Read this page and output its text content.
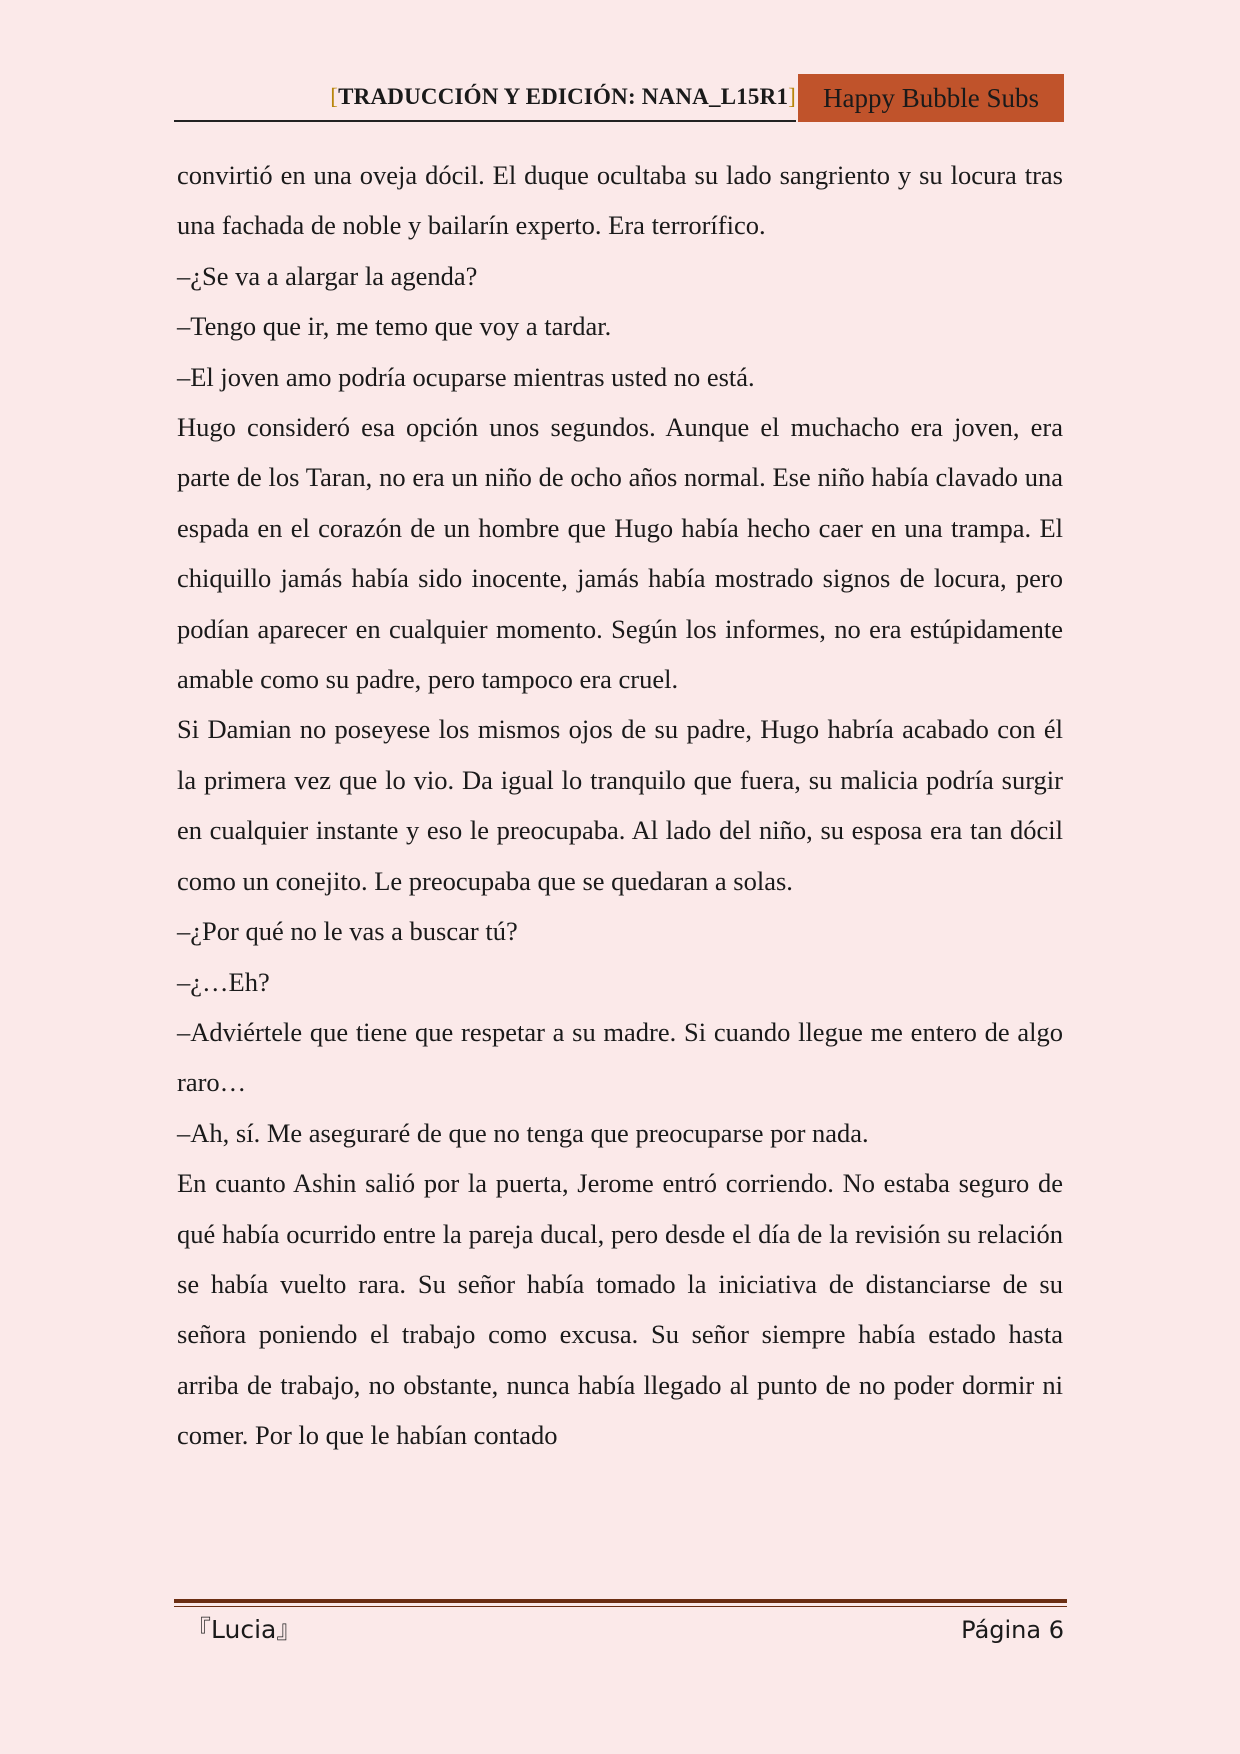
[TRADUCCIÓN Y EDICIÓN: NANA_L15R1]	Happy Bubble Subs

convirtió en una oveja dócil. El duque ocultaba su lado sangriento y su locura tras una fachada de noble y bailarín experto. Era terrorífico.

–¿Se va a alargar la agenda?

–Tengo que ir, me temo que voy a tardar.

–El joven amo podría ocuparse mientras usted no está.

Hugo consideró esa opción unos segundos. Aunque el muchacho era joven, era parte de los Taran, no era un niño de ocho años normal. Ese niño había clavado una espada en el corazón de un hombre que Hugo había hecho caer en una trampa. El chiquillo jamás había sido inocente, jamás había mostrado signos de locura, pero podían aparecer en cualquier momento. Según los informes, no era estúpidamente amable como su padre, pero tampoco era cruel.

Si Damian no poseyese los mismos ojos de su padre, Hugo habría acabado con él la primera vez que lo vio. Da igual lo tranquilo que fuera, su malicia podría surgir en cualquier instante y eso le preocupaba. Al lado del niño, su esposa era tan dócil como un conejito. Le preocupaba que se quedaran a solas.

–¿Por qué no le vas a buscar tú?

–¿…Eh?

–Adviértele que tiene que respetar a su madre. Si cuando llegue me entero de algo raro…

–Ah, sí. Me aseguraré de que no tenga que preocuparse por nada.

En cuanto Ashin salió por la puerta, Jerome entró corriendo. No estaba seguro de qué había ocurrido entre la pareja ducal, pero desde el día de la revisión su relación se había vuelto rara. Su señor había tomado la iniciativa de distanciarse de su señora poniendo el trabajo como excusa. Su señor siempre había estado hasta arriba de trabajo, no obstante, nunca había llegado al punto de no poder dormir ni comer. Por lo que le habían contado

『Lucia』	Página 6
